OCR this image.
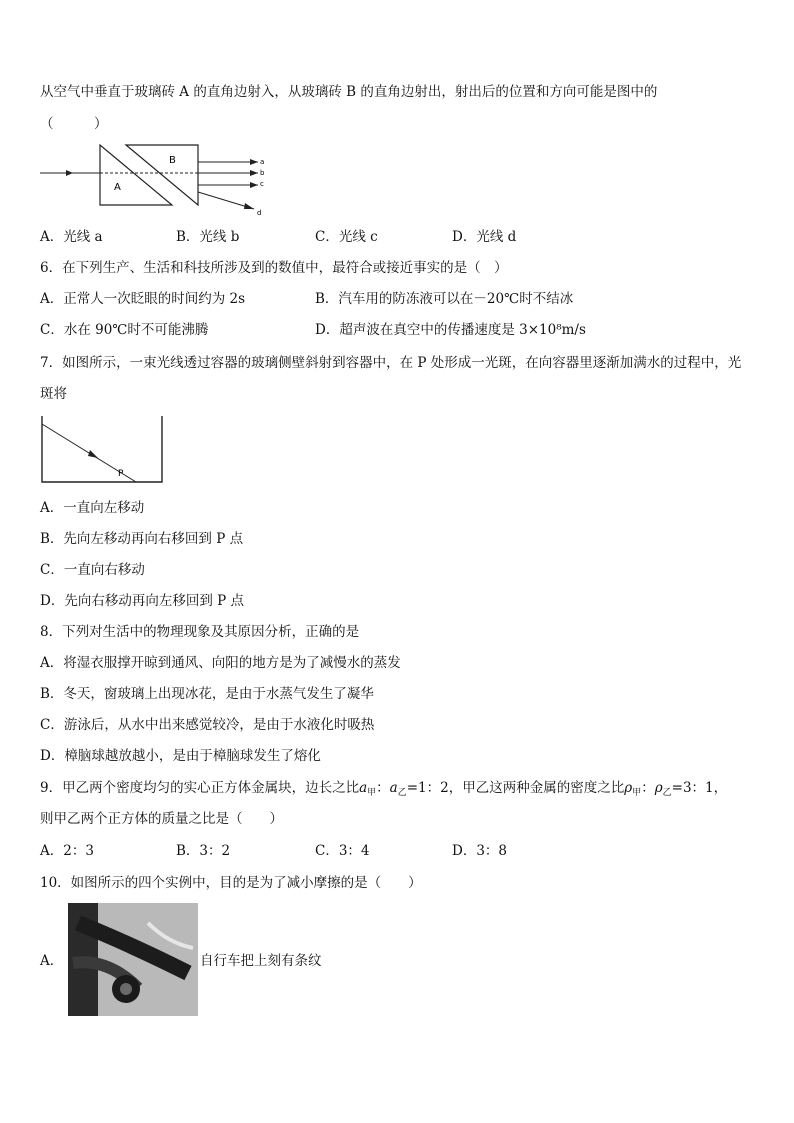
从空气中垂直于玻璃砖 A 的直角边射入，从玻璃砖 B 的直角边射出，射出后的位置和方向可能是图中的
（　　　）
A
B	a
b
c
d
A．光线 a	B．光线 b	C．光线 c	D．光线 d
6．在下列生产、生活和科技所涉及到的数值中，最符合或接近事实的是（　）
A．正常人一次眨眼的时间约为 2s	B．汽车用的防冻液可以在－20℃时不结冰
C．水在 90℃时不可能沸腾	D．超声波在真空中的传播速度是 3×10⁸m/s
7．如图所示，一束光线透过容器的玻璃侧壁斜射到容器中，在 P 处形成一光斑，在向容器里逐渐加满水的过程中，光
斑将
P
A．一直向左移动
B．先向左移动再向右移回到 P 点
C．一直向右移动
D．先向右移动再向左移回到 P 点
8．下列对生活中的物理现象及其原因分析，正确的是
A．将湿衣服撑开晾到通风、向阳的地方是为了减慢水的蒸发
B．冬天，窗玻璃上出现冰花，是由于水蒸气发生了凝华
C．游泳后，从水中出来感觉较冷，是由于水液化时吸热
D．樟脑球越放越小，是由于樟脑球发生了熔化
9．甲乙两个密度均匀的实心正方体金属块，边长之比$a_甲$：$a_乙=1$：2，甲乙这两种金属的密度之比$\rho_甲$：$\rho_乙=3$：1，
则甲乙两个正方体的质量之比是（　　）
A．2：3	B．3：2	C．3：4	D．3：8
10．如图所示的四个实例中，目的是为了减小摩擦的是（　　）
A．	自行车把上刻有条纹
